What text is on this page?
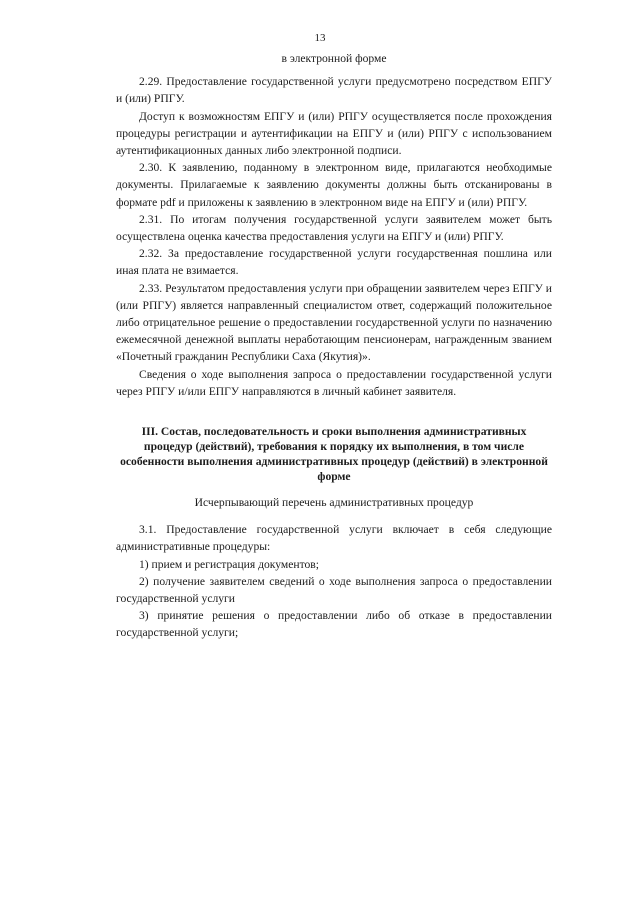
13

в электронной форме

2.29. Предоставление государственной услуги предусмотрено посредством ЕПГУ и (или) РПГУ.

Доступ к возможностям ЕПГУ и (или) РПГУ осуществляется после прохождения процедуры регистрации и аутентификации на ЕПГУ и (или) РПГУ с использованием аутентификационных данных либо электронной подписи.

2.30. К заявлению, поданному в электронном виде, прилагаются необходимые документы. Прилагаемые к заявлению документы должны быть отсканированы в формате pdf и приложены к заявлению в электронном виде на ЕПГУ и (или) РПГУ.

2.31. По итогам получения государственной услуги заявителем может быть осуществлена оценка качества предоставления услуги на ЕПГУ и (или) РПГУ.

2.32. За предоставление государственной услуги государственная пошлина или иная плата не взимается.

2.33. Результатом предоставления услуги при обращении заявителем через ЕПГУ и (или РПГУ) является направленный специалистом ответ, содержащий положительное либо отрицательное решение о предоставлении государственной услуги по назначению ежемесячной денежной выплаты неработающим пенсионерам, награжденным званием «Почетный гражданин Республики Саха (Якутия)».

Сведения о ходе выполнения запроса о предоставлении государственной услуги через РПГУ и/или ЕПГУ направляются в личный кабинет заявителя.

III. Состав, последовательность и сроки выполнения административных процедур (действий), требования к порядку их выполнения, в том числе особенности выполнения административных процедур (действий) в электронной форме

Исчерпывающий перечень административных процедур

3.1. Предоставление государственной услуги включает в себя следующие административные процедуры:

1) прием и регистрация документов;

2) получение заявителем сведений о ходе выполнения запроса о предоставлении государственной услуги

3) принятие решения о предоставлении либо об отказе в предоставлении государственной услуги;
